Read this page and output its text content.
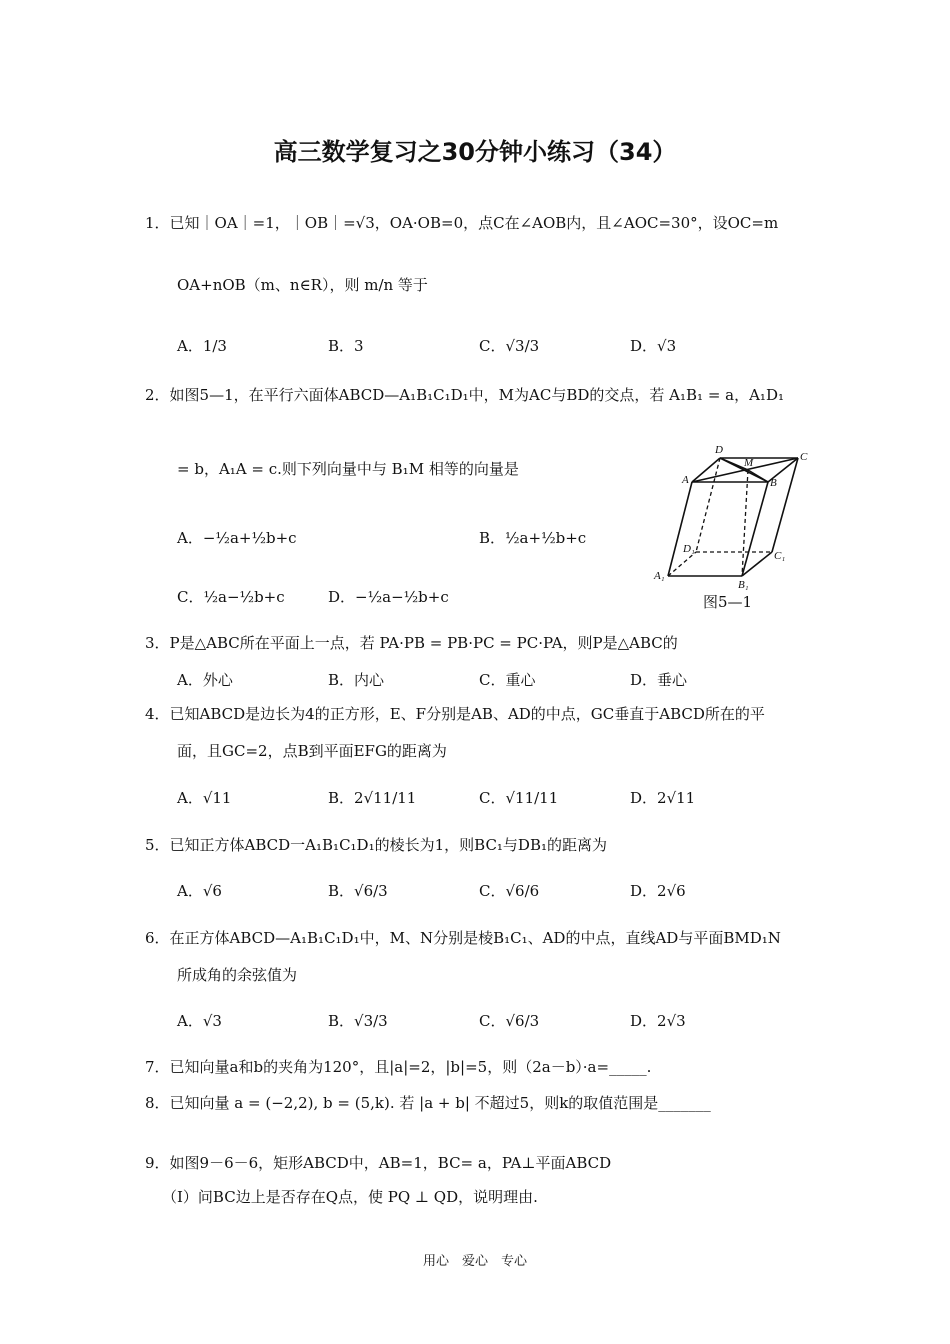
高三数学复习之30分钟小练习（34）
1．已知｜OA｜=1，｜OB｜=√3，OA·OB=0，点C在∠AOB内，且∠AOC=30°，设OC=m
OA+nOB（m、n∈R），则 m/n 等于
A．1/3	B．3	C．√3/3	D．√3
2．如图5—1，在平行六面体ABCD—A₁B₁C₁D₁中，M为AC与BD的交点，若 A₁B₁ = a，A₁D₁
= b，A₁A = c.则下列向量中与 B₁M 相等的向量是
A．−½a+½b+c	B．½a+½b+c
C．½a−½b+c	D．−½a−½b+c
D
M	C
A	B
D₁
C₁
A₁
B₁
图5—1
3．P是△ABC所在平面上一点，若 PA·PB = PB·PC = PC·PA，则P是△ABC的
A．外心	B．内心	C．重心	D．垂心
4．已知ABCD是边长为4的正方形，E、F分别是AB、AD的中点，GC垂直于ABCD所在的平
面，且GC=2，点B到平面EFG的距离为
A．√11	B．2√11/11	C．√11/11	D．2√11
5．已知正方体ABCD一A₁B₁C₁D₁的棱长为1，则BC₁与DB₁的距离为
A．√6	B．√6/3	C．√6/6	D．2√6
6．在正方体ABCD—A₁B₁C₁D₁中，M、N分别是棱B₁C₁、AD的中点，直线AD与平面BMD₁N
所成角的余弦值为
A．√3	B．√3/3	C．√6/3	D．2√3
7．已知向量a和b的夹角为120°，且|a|=2，|b|=5，则（2a－b）·a=_____.
8．已知向量 a = (−2,2), b = (5,k). 若 |a + b| 不超过5，则k的取值范围是_______
9．如图9－6－6，矩形ABCD中，AB=1，BC= a，PA⊥平面ABCD
（Ⅰ）问BC边上是否存在Q点，使 PQ ⊥ QD，说明理由.
用心　爱心　专心
